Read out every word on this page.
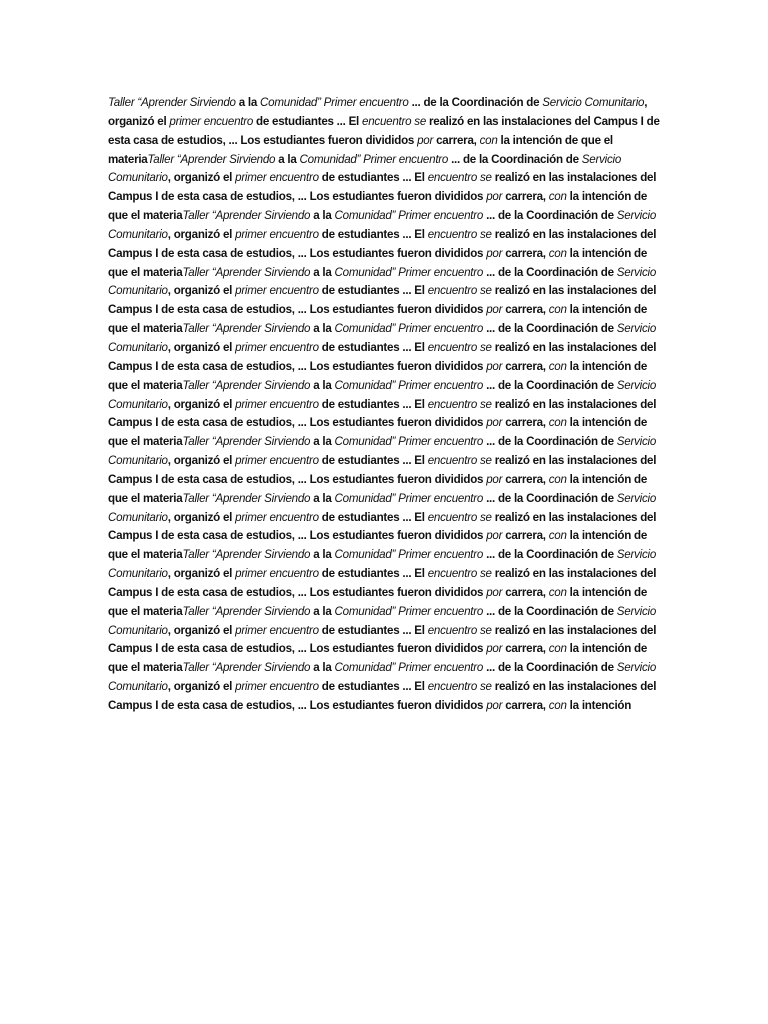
Taller “Aprender Sirviendo a la Comunidad” Primer encuentro ... de la Coordinación de Servicio Comunitario, organizó el primer encuentro de estudiantes ... El encuentro se realizó en las instalaciones del Campus I de esta casa de estudios, ... Los estudiantes fueron divididos por carrera, con la intención de que el materiaTaller “Aprender Sirviendo a la Comunidad” Primer encuentro ... de la Coordinación de Servicio Comunitario, organizó el primer encuentro de estudiantes ... El encuentro se realizó en las instalaciones del Campus I de esta casa de estudios, ... Los estudiantes fueron divididos por carrera, con la intención de que el materiaTaller “Aprender Sirviendo a la Comunidad” Primer encuentro ... de la Coordinación de Servicio Comunitario, organizó el primer encuentro de estudiantes ... El encuentro se realizó en las instalaciones del Campus I de esta casa de estudios, ... Los estudiantes fueron divididos por carrera, con la intención de que el materiaTaller “Aprender Sirviendo a la Comunidad” Primer encuentro ... de la Coordinación de Servicio Comunitario, organizó el primer encuentro de estudiantes ... El encuentro se realizó en las instalaciones del Campus I de esta casa de estudios, ... Los estudiantes fueron divididos por carrera, con la intención de que el materiaTaller “Aprender Sirviendo a la Comunidad” Primer encuentro ... de la Coordinación de Servicio Comunitario, organizó el primer encuentro de estudiantes ... El encuentro se realizó en las instalaciones del Campus I de esta casa de estudios, ... Los estudiantes fueron divididos por carrera, con la intención de que el materiaTaller “Aprender Sirviendo a la Comunidad” Primer encuentro ... de la Coordinación de Servicio Comunitario, organizó el primer encuentro de estudiantes ... El encuentro se realizó en las instalaciones del Campus I de esta casa de estudios, ... Los estudiantes fueron divididos por carrera, con la intención de que el materiaTaller “Aprender Sirviendo a la Comunidad” Primer encuentro ... de la Coordinación de Servicio Comunitario, organizó el primer encuentro de estudiantes ... El encuentro se realizó en las instalaciones del Campus I de esta casa de estudios, ... Los estudiantes fueron divididos por carrera, con la intención de que el materiaTaller “Aprender Sirviendo a la Comunidad” Primer encuentro ... de la Coordinación de Servicio Comunitario, organizó el primer encuentro de estudiantes ... El encuentro se realizó en las instalaciones del Campus I de esta casa de estudios, ... Los estudiantes fueron divididos por carrera, con la intención de que el materiaTaller “Aprender Sirviendo a la Comunidad” Primer encuentro ... de la Coordinación de Servicio Comunitario, organizó el primer encuentro de estudiantes ... El encuentro se realizó en las instalaciones del Campus I de esta casa de estudios, ... Los estudiantes fueron divididos por carrera, con la intención de que el materiaTaller “Aprender Sirviendo a la Comunidad” Primer encuentro ... de la Coordinación de Servicio Comunitario, organizó el primer encuentro de estudiantes ... El encuentro se realizó en las instalaciones del Campus I de esta casa de estudios, ... Los estudiantes fueron divididos por carrera, con la intención de que el materiaTaller “Aprender Sirviendo a la Comunidad” Primer encuentro ... de la Coordinación de Servicio Comunitario, organizó el primer encuentro de estudiantes ... El encuentro se realizó en las instalaciones del Campus I de esta casa de estudios, ... Los estudiantes fueron divididos por carrera, con la intención
